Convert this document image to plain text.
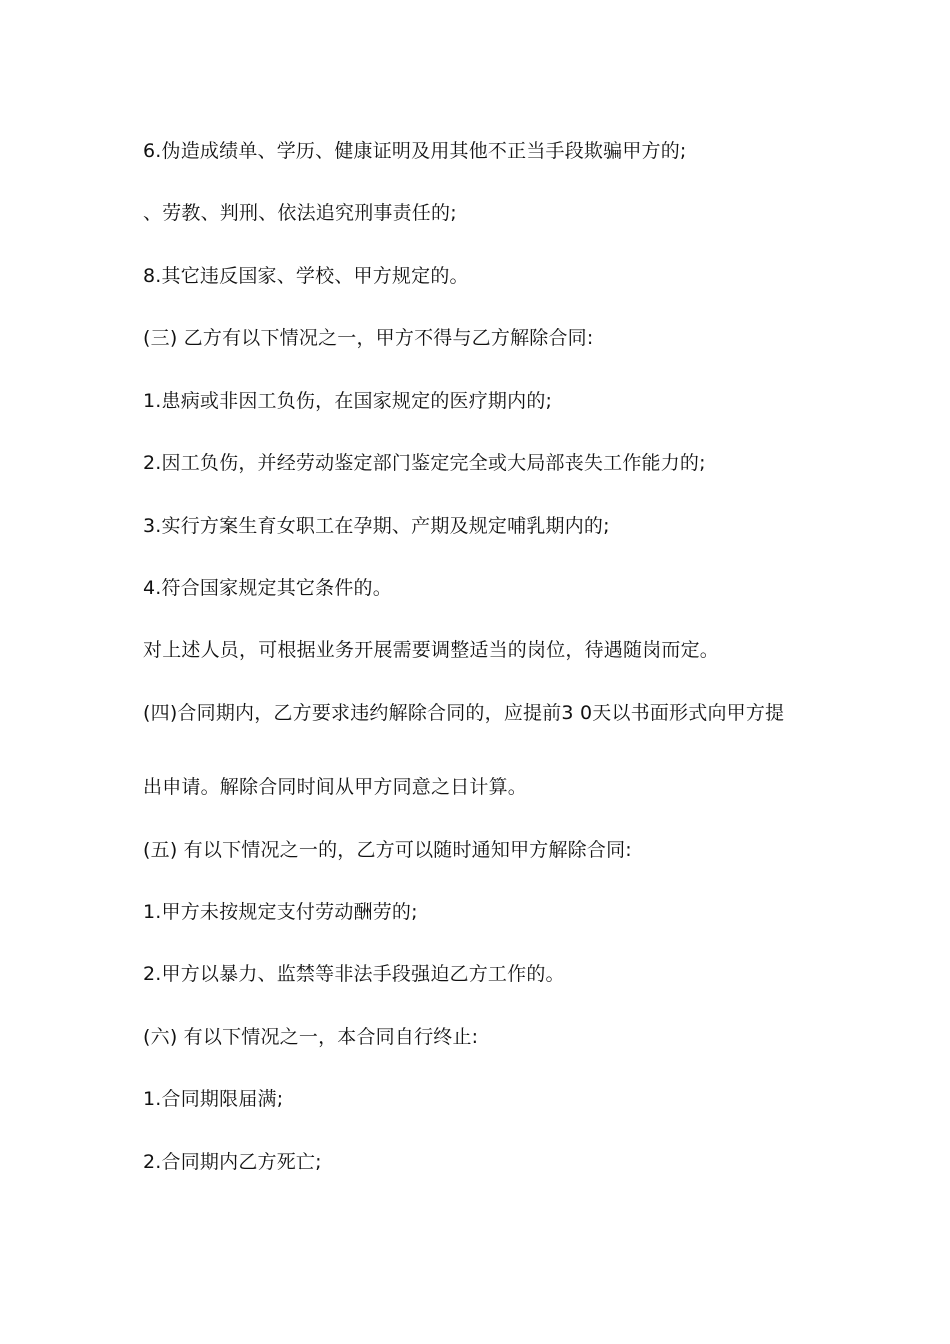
6.伪造成绩单、学历、健康证明及用其他不正当手段欺骗甲方的;
、劳教、判刑、依法追究刑事责任的;
8.其它违反国家、学校、甲方规定的。
(三) 乙方有以下情况之一，甲方不得与乙方解除合同:
1.患病或非因工负伤，在国家规定的医疗期内的;
2.因工负伤，并经劳动鉴定部门鉴定完全或大局部丧失工作能力的;
3.实行方案生育女职工在孕期、产期及规定哺乳期内的;
4.符合国家规定其它条件的。
对上述人员，可根据业务开展需要调整适当的岗位，待遇随岗而定。
(四)合同期内，乙方要求违约解除合同的，应提前3 0天以书面形式向甲方提
出申请。解除合同时间从甲方同意之日计算。
(五) 有以下情况之一的，乙方可以随时通知甲方解除合同:
1.甲方未按规定支付劳动酬劳的;
2.甲方以暴力、监禁等非法手段强迫乙方工作的。
(六) 有以下情况之一，本合同自行终止:
1.合同期限届满;
2.合同期内乙方死亡;
